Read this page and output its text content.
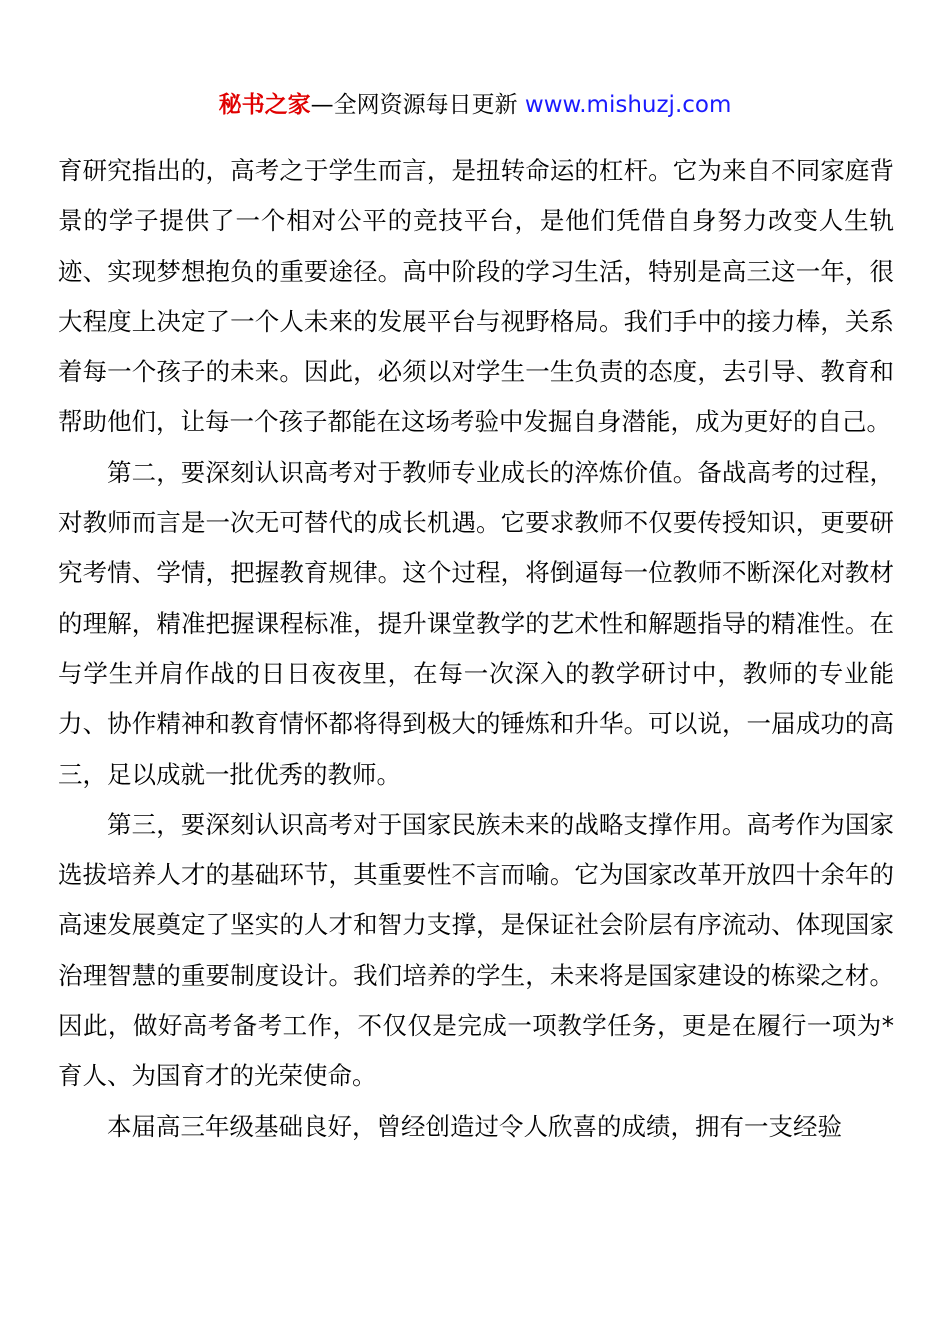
秘书之家—全网资源每日更新 www.mishuzj.com

育研究指出的，高考之于学生而言，是扭转命运的杠杆。它为来自不同家庭背景的学子提供了一个相对公平的竞技平台，是他们凭借自身努力改变人生轨迹、实现梦想抱负的重要途径。高中阶段的学习生活，特别是高三这一年，很大程度上决定了一个人未来的发展平台与视野格局。我们手中的接力棒，关系着每一个孩子的未来。因此，必须以对学生一生负责的态度，去引导、教育和帮助他们，让每一个孩子都能在这场考验中发掘自身潜能，成为更好的自己。

第二，要深刻认识高考对于教师专业成长的淬炼价值。备战高考的过程，对教师而言是一次无可替代的成长机遇。它要求教师不仅要传授知识，更要研究考情、学情，把握教育规律。这个过程，将倒逼每一位教师不断深化对教材的理解，精准把握课程标准，提升课堂教学的艺术性和解题指导的精准性。在与学生并肩作战的日日夜夜里，在每一次深入的教学研讨中，教师的专业能力、协作精神和教育情怀都将得到极大的锤炼和升华。可以说，一届成功的高三，足以成就一批优秀的教师。

第三，要深刻认识高考对于国家民族未来的战略支撑作用。高考作为国家选拔培养人才的基础环节，其重要性不言而喻。它为国家改革开放四十余年的高速发展奠定了坚实的人才和智力支撑，是保证社会阶层有序流动、体现国家治理智慧的重要制度设计。我们培养的学生，未来将是国家建设的栋梁之材。因此，做好高考备考工作，不仅仅是完成一项教学任务，更是在履行一项为*育人、为国育才的光荣使命。

本届高三年级基础良好，曾经创造过令人欣喜的成绩，拥有一支经验
